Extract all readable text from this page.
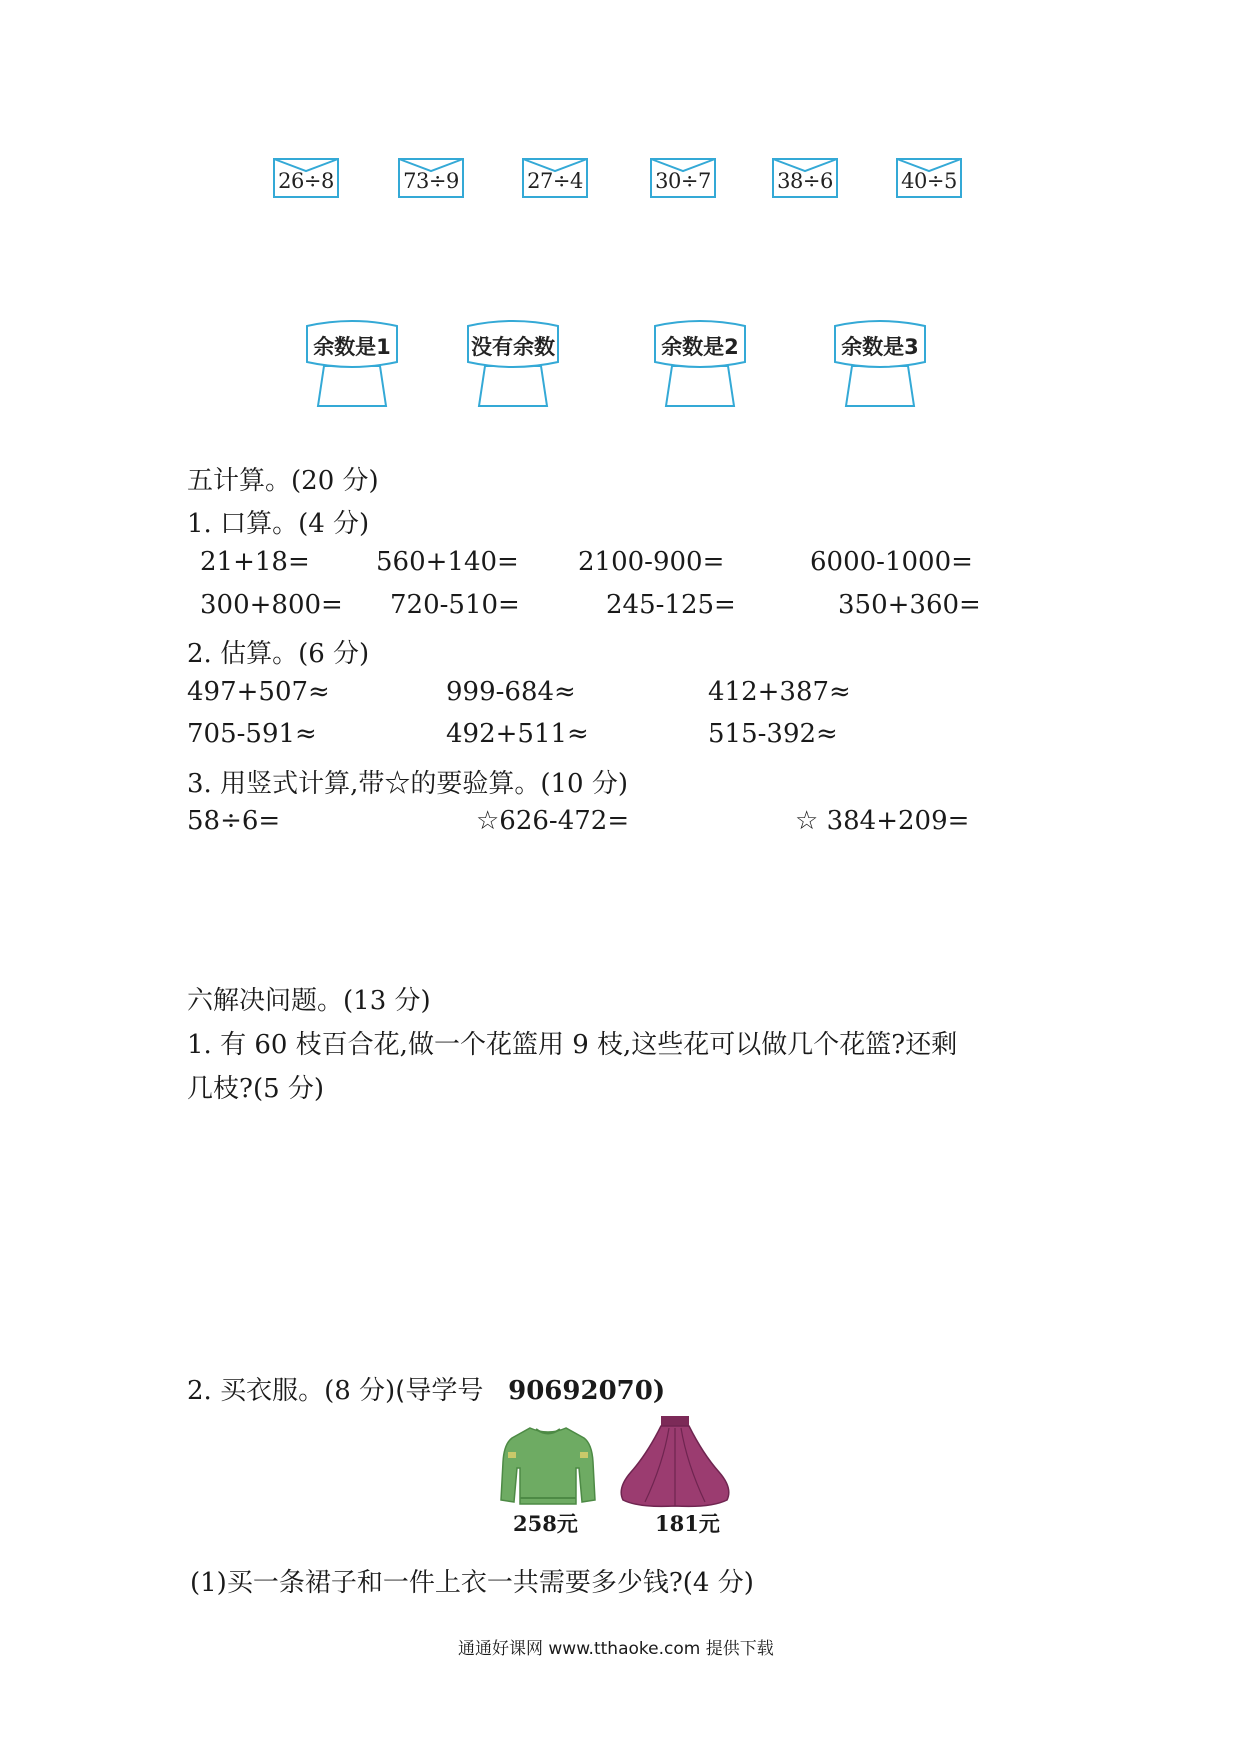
26÷8	73÷9	27÷4	30÷7	38÷6	40÷5
余数是1	没有余数	余数是2	余数是3
五计算。(20 分)
1. 口算。(4 分)
21+18=	560+140= 2100-900=	6000-1000=
300+800= 720-510=	245-125=	350+360=
2. 估算。(6 分)
497+507≈	999-684≈	412+387≈
705-591≈	492+511≈	515-392≈
3. 用竖式计算,带☆的要验算。(10 分)
58÷6=	☆626-472=	☆ 384+209=
六解决问题。(13 分)
1. 有 60 枝百合花,做一个花篮用 9 枝,这些花可以做几个花篮?还剩
几枝?(5 分)
2. 买衣服。(8 分)(导学号 90692070)
258元	181元
(1)买一条裙子和一件上衣一共需要多少钱?(4 分)
通通好课网 www.tthaoke.com 提供下载
